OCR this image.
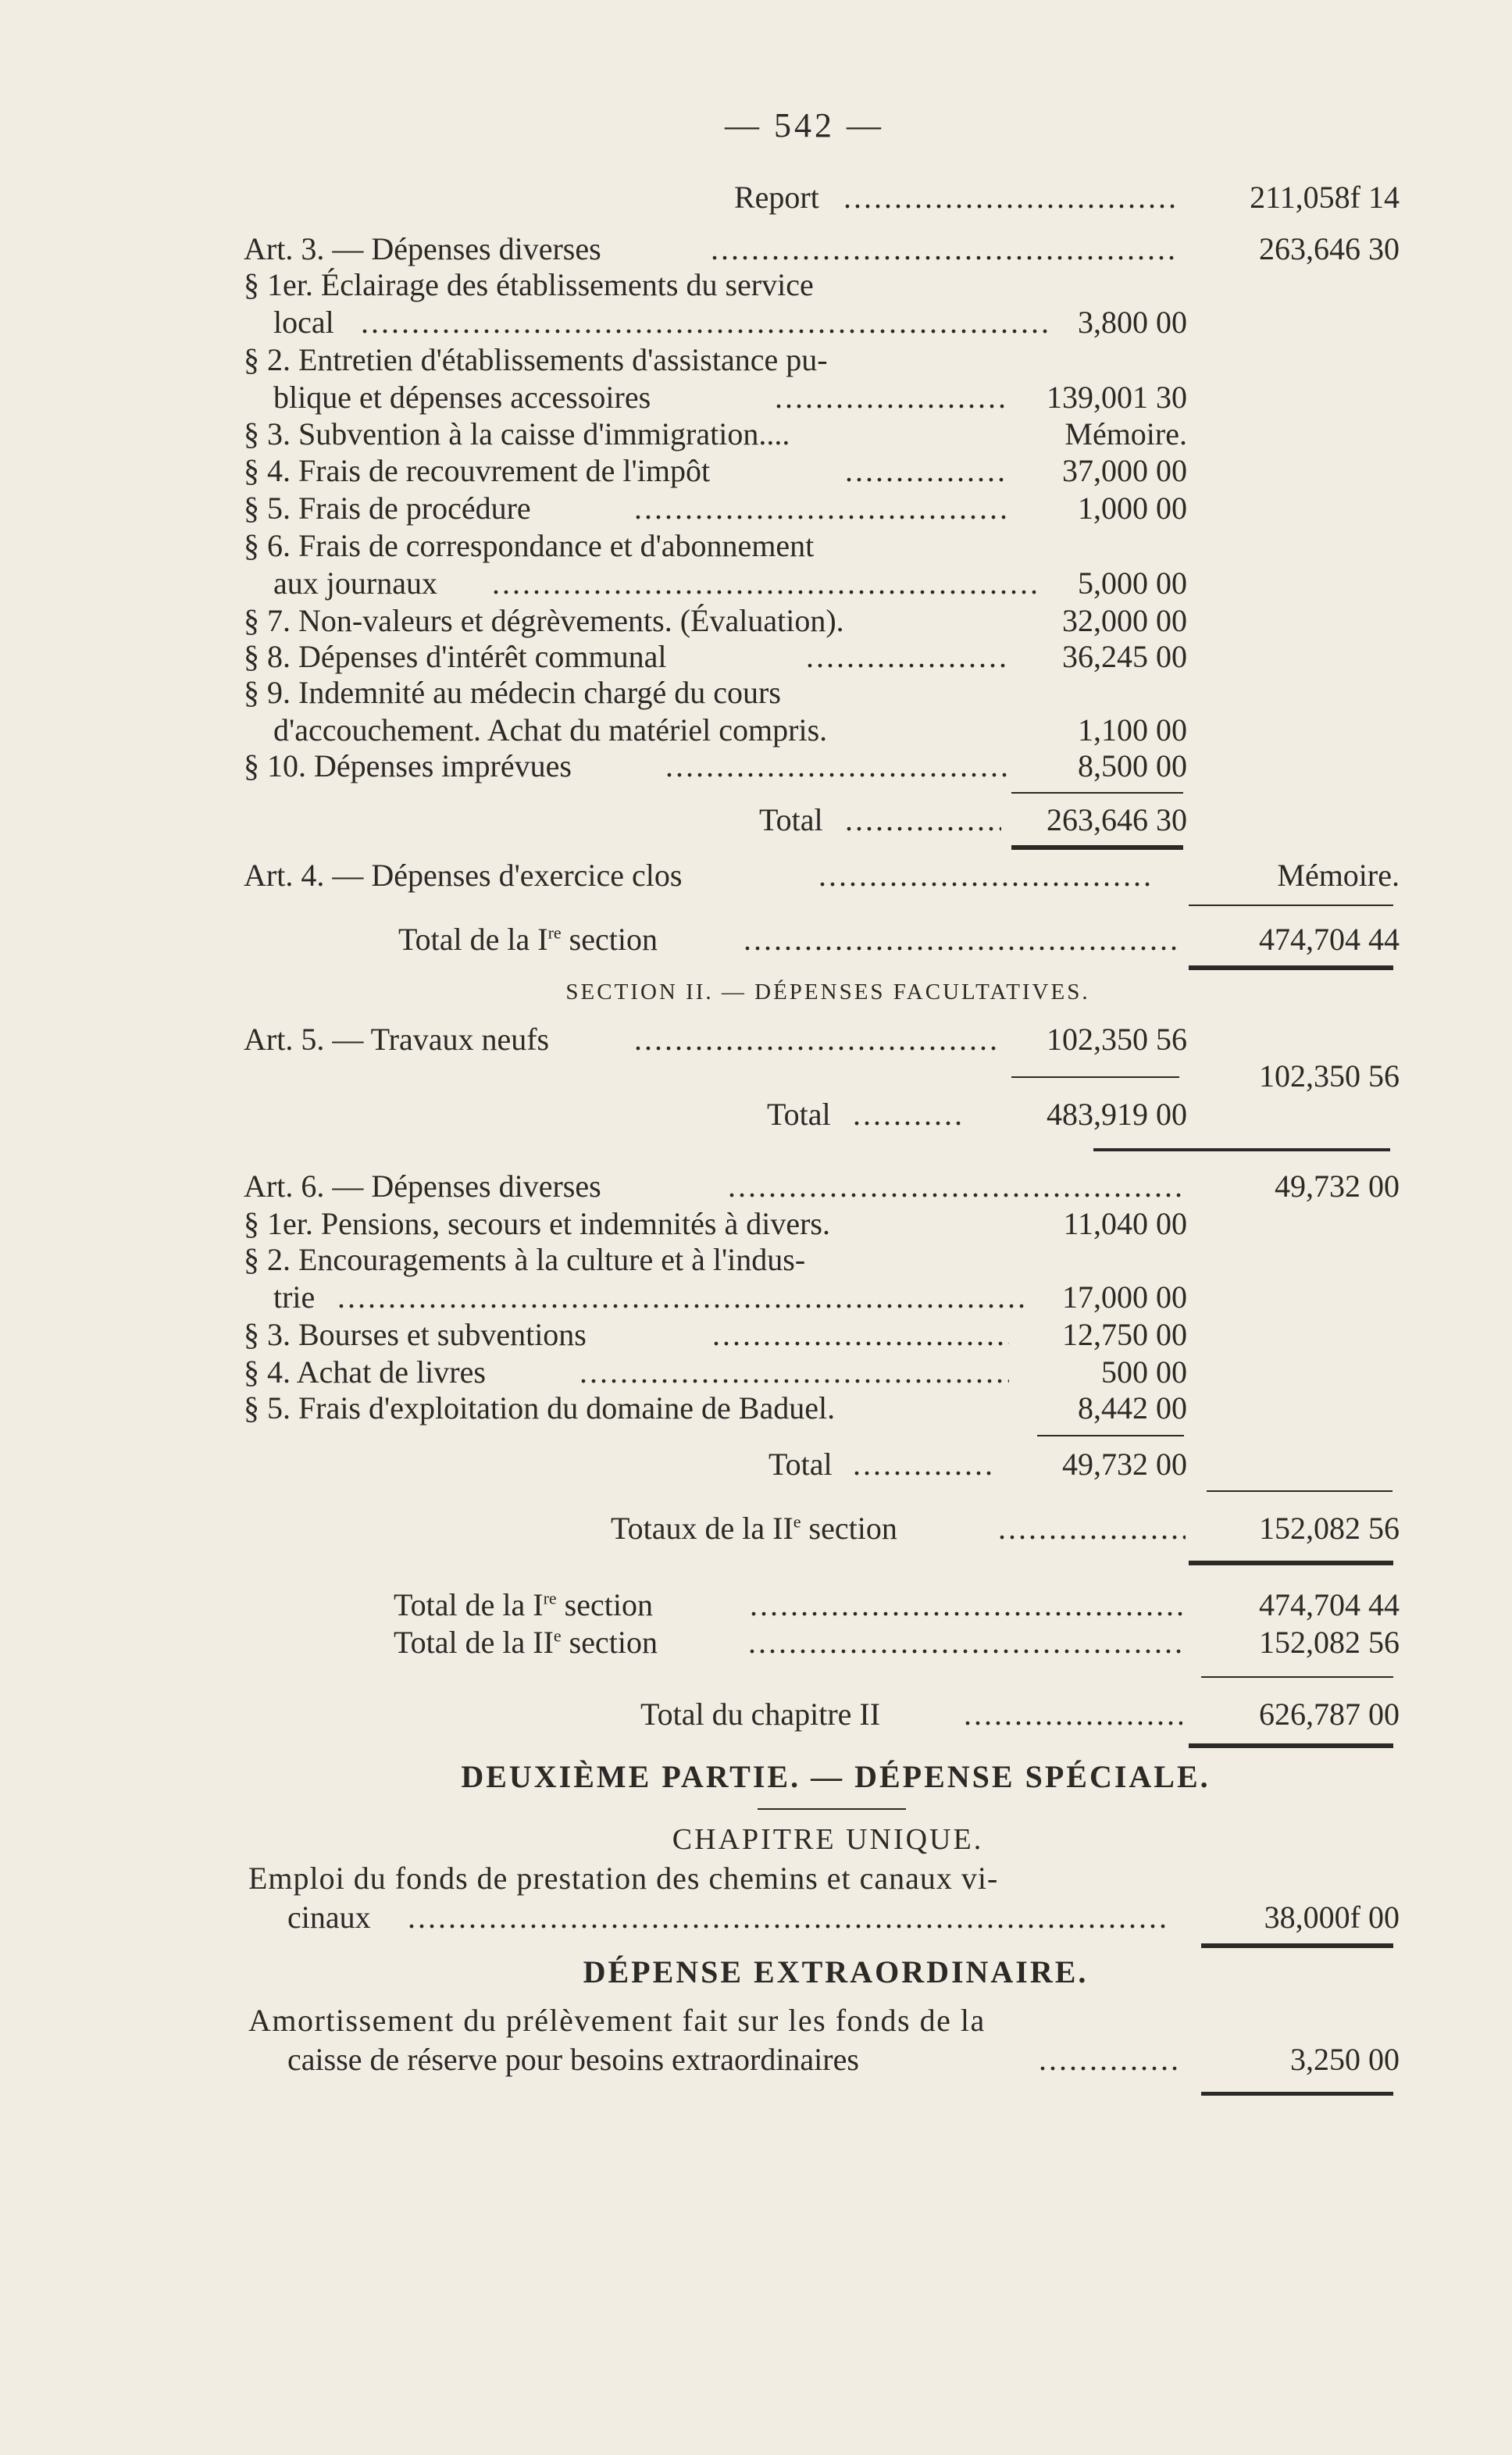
— 542 —
Report .....	211,058f 14
Art. 3. — Dépenses diverses .....	263,646 30
§ 1er. Éclairage des établissements du service
local .....	3,800 00
§ 2. Entretien d'établissements d'assistance pu-
blique et dépenses accessoires .....	139,001 30
§ 3. Subvention à la caisse d'immigration....	Mémoire.
§ 4. Frais de recouvrement de l'impôt .....	37,000 00
§ 5. Frais de procédure .....	1,000 00
§ 6. Frais de correspondance et d'abonnement
aux journaux .....	5,000 00
§ 7. Non-valeurs et dégrèvements. (Évaluation).	32,000 00
§ 8. Dépenses d'intérêt communal .....	36,245 00
§ 9. Indemnité au médecin chargé du cours
d'accouchement. Achat du matériel compris.	1,100 00
§ 10. Dépenses imprévues .....	8,500 00
Total .....	263,646 30
Art. 4. — Dépenses d'exercice clos .....	Mémoire.
Total de la Ire section .....	474,704 44
SECTION II. — DÉPENSES FACULTATIVES.
Art. 5. — Travaux neufs .....	102,350 56
102,350 56
Total .....	483,919 00
Art. 6. — Dépenses diverses .....	49,732 00
§ 1er. Pensions, secours et indemnités à divers.	11,040 00
§ 2. Encouragements à la culture et à l'indus-
trie .....	17,000 00
§ 3. Bourses et subventions .....	12,750 00
§ 4. Achat de livres .....	500 00
§ 5. Frais d'exploitation du domaine de Baduel.	8,442 00
Total .....	49,732 00
Totaux de la IIe section .....	152,082 56
Total de la Ire section .....	474,704 44
Total de la IIe section .....	152,082 56
Total du chapitre II .....	626,787 00
DEUXIÈME PARTIE. — DÉPENSE SPÉCIALE.
CHAPITRE UNIQUE.
Emploi du fonds de prestation des chemins et canaux vi-
cinaux .....	38,000f 00
DÉPENSE EXTRAORDINAIRE.
Amortissement du prélèvement fait sur les fonds de la
caisse de réserve pour besoins extraordinaires .....	3,250 00
